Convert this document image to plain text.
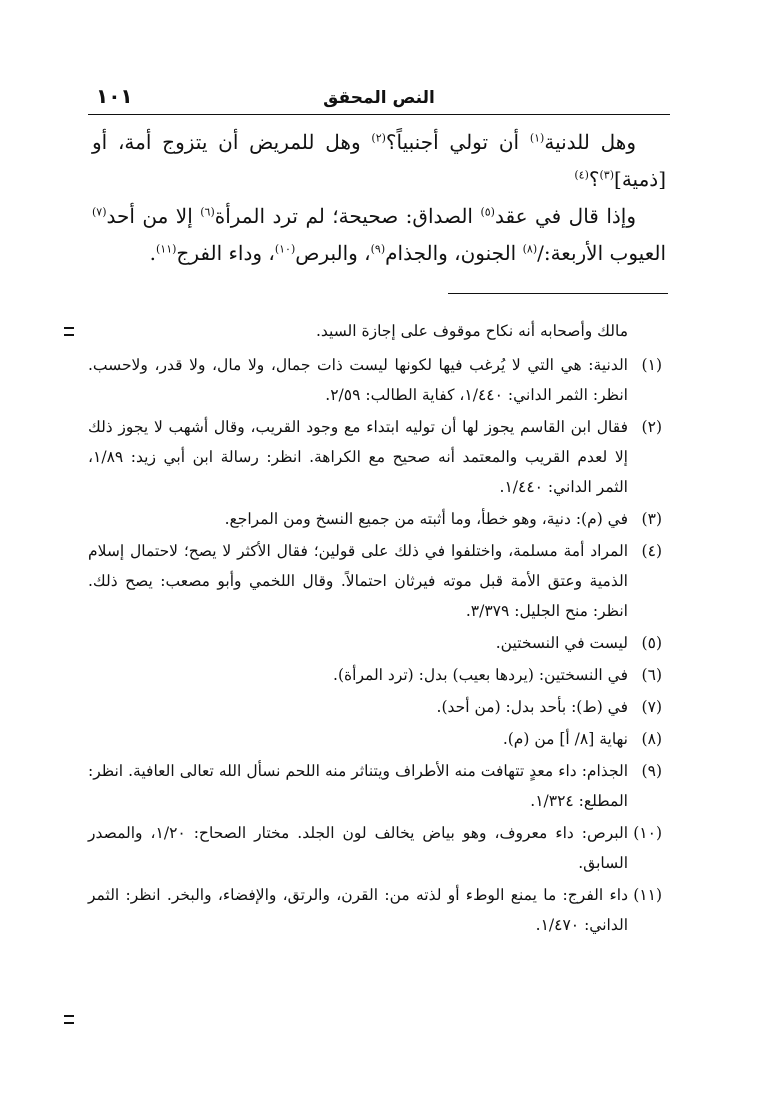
النص المحقق
١٠١

وهل للدنية$^{(١)}$ أن تولي أجنبياً؟$^{(٢)}$ وهل للمريض أن يتزوج أمة، أو [ذمية]$^{(٣)}$؟$^{(٤)}$

وإذا قال في عقد$^{(٥)}$ الصداق: صحيحة؛ لم ترد المرأة$^{(٦)}$ إلا من أحد$^{(٧)}$ العيوب الأربعة:/$^{(٨)}$ الجنون، والجذام$^{(٩)}$، والبرص$^{(١٠)}$، وداء الفرج$^{(١١)}$.

مالك وأصحابه أنه نكاح موقوف على إجازة السيد.

(١)
الدنية: هي التي لا يُرغب فيها لكونها ليست ذات جمال، ولا مال، ولا قدر، ولاحسب. انظر: الثمر الداني: ١/٤٤٠، كفاية الطالب: ٢/٥٩.

(٢)
فقال ابن القاسم يجوز لها أن توليه ابتداء مع وجود القريب، وقال أشهب لا يجوز ذلك إلا لعدم القريب والمعتمد أنه صحيح مع الكراهة. انظر: رسالة ابن أبي زيد: ١/٨٩، الثمر الداني: ١/٤٤٠.

(٣)
في (م): دنية، وهو خطأ، وما أثبته من جميع النسخ ومن المراجع.

(٤)
المراد أمة مسلمة، واختلفوا في ذلك على قولين؛ فقال الأكثر لا يصح؛ لاحتمال إسلام الذمية وعتق الأمة قبل موته فيرثان احتمالاً. وقال اللخمي وأبو مصعب: يصح ذلك. انظر: منح الجليل: ٣/٣٧٩.

(٥)
ليست في النسختين.

(٦)
في النسختين: (يردها بعيب) بدل: (ترد المرأة).

(٧)
في (ط): بأحد بدل: (من أحد).

(٨)
نهاية [٨/ أ] من (م).

(٩)
الجذام: داء معدٍ تتهافت منه الأطراف ويتناثر منه اللحم نسأل الله تعالى العافية. انظر: المطلع: ١/٣٢٤.

(١٠)
البرص: داء معروف، وهو بياض يخالف لون الجلد. مختار الصحاح: ١/٢٠، والمصدر السابق.

(١١)
داء الفرج: ما يمنع الوطء أو لذته من: القرن، والرتق، والإفضاء، والبخر. انظر: الثمر الداني: ١/٤٧٠.
